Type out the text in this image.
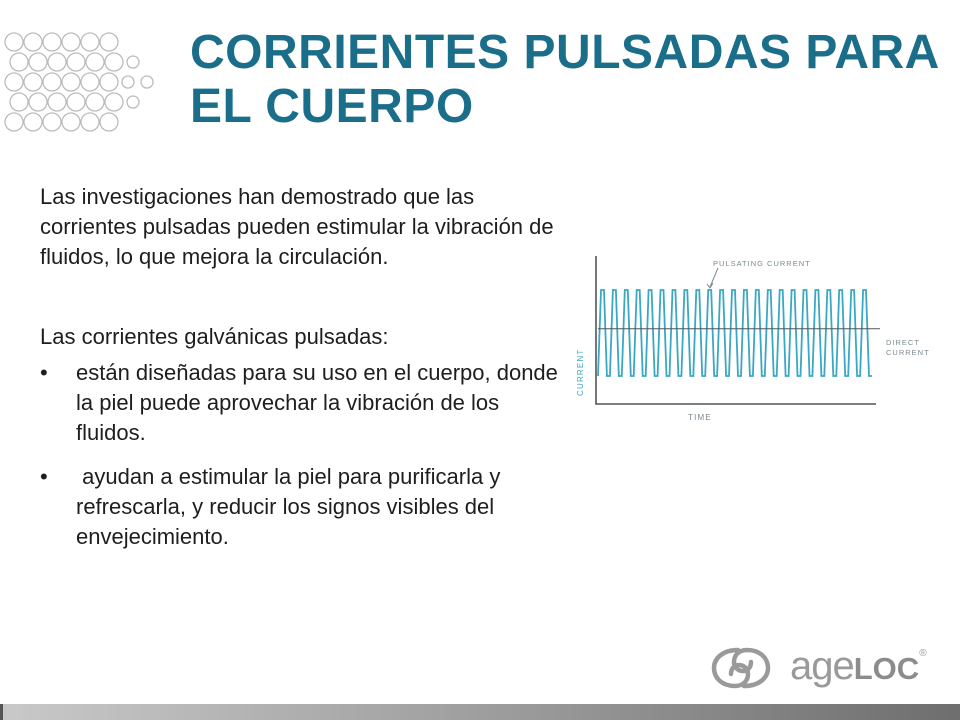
CORRIENTES PULSADAS PARA EL CUERPO

Las investigaciones han demostrado que las corrientes pulsadas pueden estimular la vibración de fluidos, lo que mejora la circulación.

Las corrientes galvánicas pulsadas:

• están diseñadas para su uso en el cuerpo, donde la piel puede aprovechar la vibración de los fluidos.
• ayudan a estimular la piel para purificarla y refrescarla, y reducir los signos visibles del envejecimiento.
CURRENT
TIME
PULSATING CURRENT
DIRECT
CURRENT
ageLOC®
